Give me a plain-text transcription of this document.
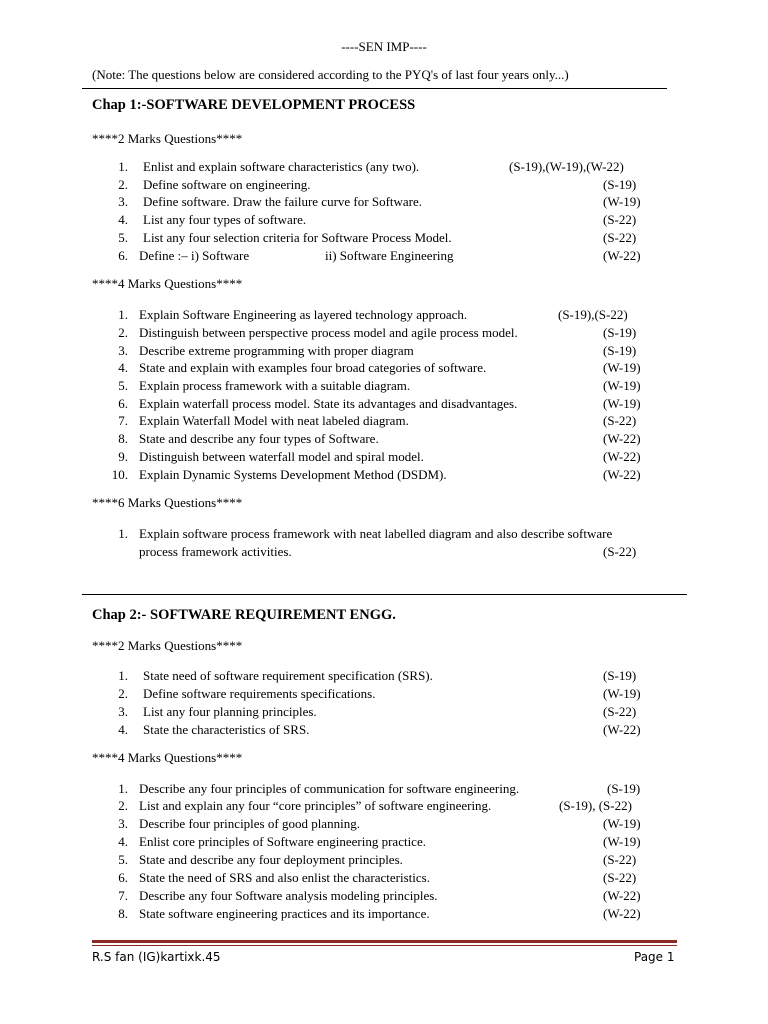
----SEN IMP----
(Note: The questions below are considered according to the PYQ's of last four years only...)
Chap 1:-SOFTWARE DEVELOPMENT PROCESS
****2 Marks Questions****
1. Enlist and explain software characteristics (any two).	(S-19),(W-19),(W-22)
2. Define software on engineering.	(S-19)
3. Define software. Draw the failure curve for Software.	(W-19)
4. List any four types of software.	(S-22)
5. List any four selection criteria for Software Process Model.	(S-22)
6. Define :– i) Software	ii) Software Engineering	(W-22)
****4 Marks Questions****
1. Explain Software Engineering as layered technology approach.	(S-19),(S-22)
2. Distinguish between perspective process model and agile process model.	(S-19)
3. Describe extreme programming with proper diagram	(S-19)
4. State and explain with examples four broad categories of software.	(W-19)
5. Explain process framework with a suitable diagram.	(W-19)
6. Explain waterfall process model. State its advantages and disadvantages.	(W-19)
7. Explain Waterfall Model with neat labeled diagram.	(S-22)
8. State and describe any four types of Software.	(W-22)
9. Distinguish between waterfall model and spiral model.	(W-22)
10. Explain Dynamic Systems Development Method (DSDM).	(W-22)
****6 Marks Questions****
1. Explain software process framework with neat labelled diagram and also describe software
process framework activities.	(S-22)
Chap 2:- SOFTWARE REQUIREMENT ENGG.
****2 Marks Questions****
1. State need of software requirement specification (SRS).	(S-19)
2. Define software requirements specifications.	(W-19)
3. List any four planning principles.	(S-22)
4. State the characteristics of SRS.	(W-22)
****4 Marks Questions****
1. Describe any four principles of communication for software engineering.	(S-19)
2. List and explain any four “core principles” of software engineering.	(S-19), (S-22)
3. Describe four principles of good planning.	(W-19)
4. Enlist core principles of Software engineering practice.	(W-19)
5. State and describe any four deployment principles.	(S-22)
6. State the need of SRS and also enlist the characteristics.	(S-22)
7. Describe any four Software analysis modeling principles.	(W-22)
8. State software engineering practices and its importance.	(W-22)
R.S fan (IG)kartixk.45	Page 1
